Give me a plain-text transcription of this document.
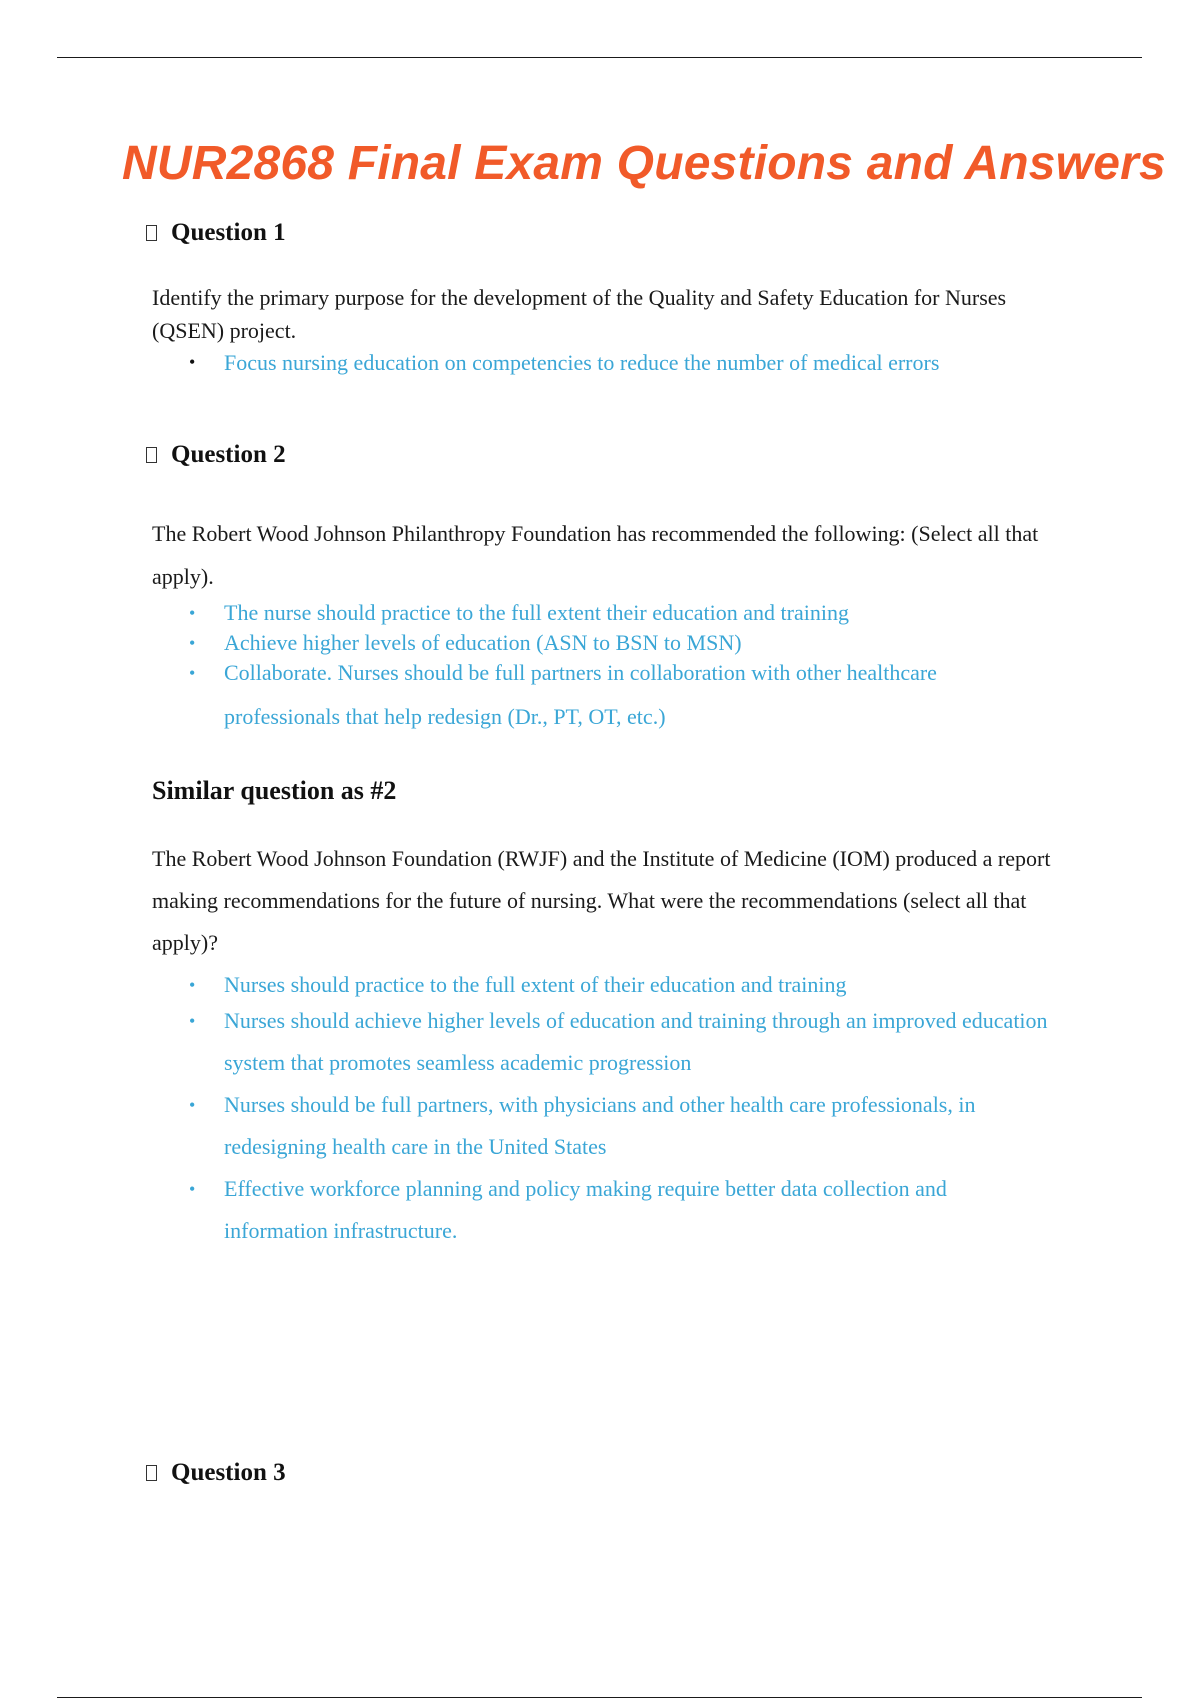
NUR2868 Final Exam Questions and Answers
Question 1

Identify the primary purpose for the development of the Quality and Safety Education for Nurses (QSEN) project.

• Focus nursing education on competencies to reduce the number of medical errors
Question 2

The Robert Wood Johnson Philanthropy Foundation has recommended the following: (Select all that apply).

• The nurse should practice to the full extent their education and training
• Achieve higher levels of education (ASN to BSN to MSN)
• Collaborate. Nurses should be full partners in collaboration with other healthcare professionals that help redesign (Dr., PT, OT, etc.)
Similar question as #2

The Robert Wood Johnson Foundation (RWJF) and the Institute of Medicine (IOM) produced a report making recommendations for the future of nursing. What were the recommendations (select all that apply)?

• Nurses should practice to the full extent of their education and training
• Nurses should achieve higher levels of education and training through an improved education system that promotes seamless academic progression
• Nurses should be full partners, with physicians and other health care professionals, in redesigning health care in the United States
• Effective workforce planning and policy making require better data collection and information infrastructure.
Question 3
